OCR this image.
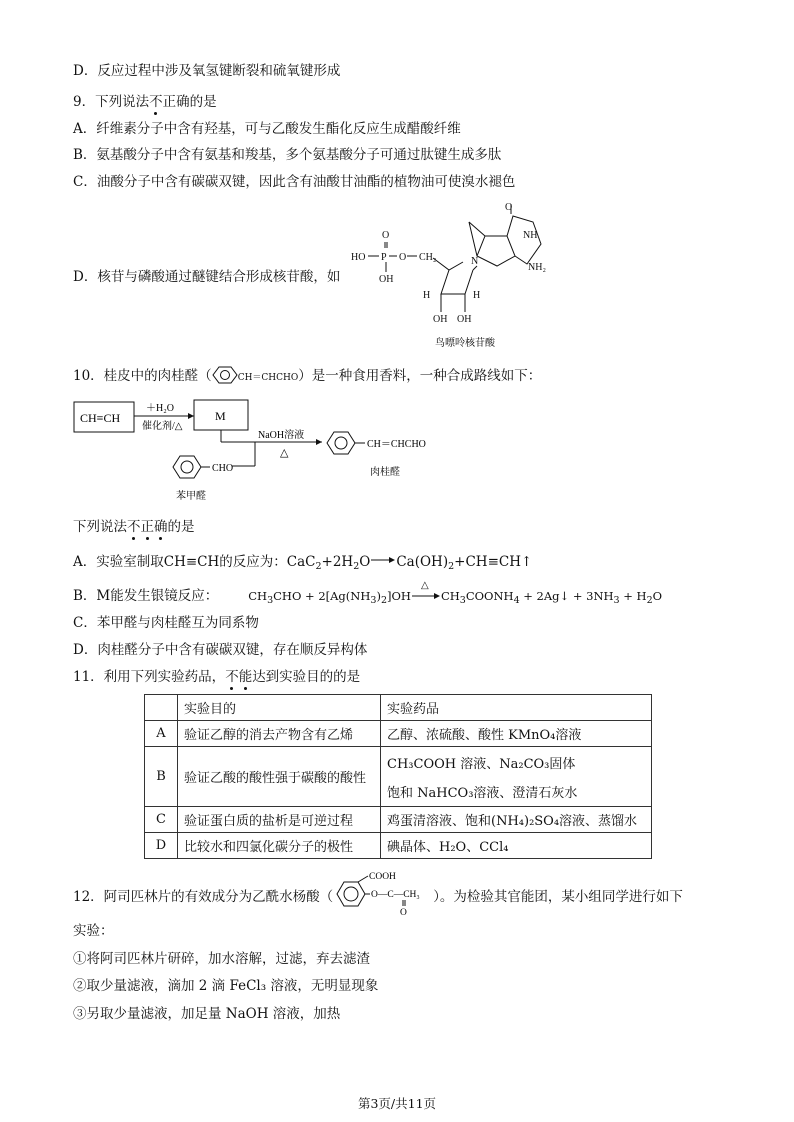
D．反应过程中涉及氧氢键断裂和硫氧键形成
9．下列说法不正确的是
A．纤维素分子中含有羟基，可与乙酸发生酯化反应生成醋酸纤维
B．氨基酸分子中含有氨基和羧基，多个氨基酸分子可通过肽键生成多肽
C．油酸分子中含有碳碳双键，因此含有油酸甘油酯的植物油可使溴水褪色
D．核苷与磷酸通过醚键结合形成核苷酸，如
HO P O
O
OH
CH₂	N
NH
NH₂
O
H	H
OH OH
鸟嘌呤核苷酸
10．桂皮中的肉桂醛（	CH＝CHCHO）是一种食用香料，一种合成路线如下：
CH≡CH
＋H₂O
催化剂/△
M
NaOH溶液
△
CHO
苯甲醛
CH＝CHCHO
肉桂醛
下列说法不正确的是
A．实验室制取CH≡CH的反应为：$CaC_2+2H_2O\to Ca(OH)_2+CH\equiv CH↑$
B．M能发生银镜反应：	$CH_3CHO + 2[Ag(NH_3)_2]OH$
△
$CH_3COONH_4$ + 2Ag↓ + $3NH_3 + H_2O$
C．苯甲醛与肉桂醛互为同系物
D．肉桂醛分子中含有碳碳双键，存在顺反异构体
11．利用下列实验药品，不能达到实验目的的是
	实验目的	实验药品
A	验证乙醇的消去产物含有乙烯	乙醇、浓硫酸、酸性 KMnO₄溶液
B	验证乙酸的酸性强于碳酸的酸性	CH₃COOH 溶液、Na₂CO₃固体
饱和 NaHCO₃溶液、澄清石灰水

C	验证蛋白质的盐析是可逆过程	鸡蛋清溶液、饱和(NH₄)₂SO₄溶液、蒸馏水
D	比较水和四氯化碳分子的极性	碘晶体、H₂O、CCl₄
12．阿司匹林片的有效成分为乙酰水杨酸（	）。为检验其官能团，某小组同学进行如下
COOH
O—C—CH₃
O
实验：
①将阿司匹林片研碎，加水溶解，过滤，弃去滤渣
②取少量滤液，滴加 2 滴 FeCl₃ 溶液，无明显现象
③另取少量滤液，加足量 NaOH 溶液，加热
第3页/共11页
